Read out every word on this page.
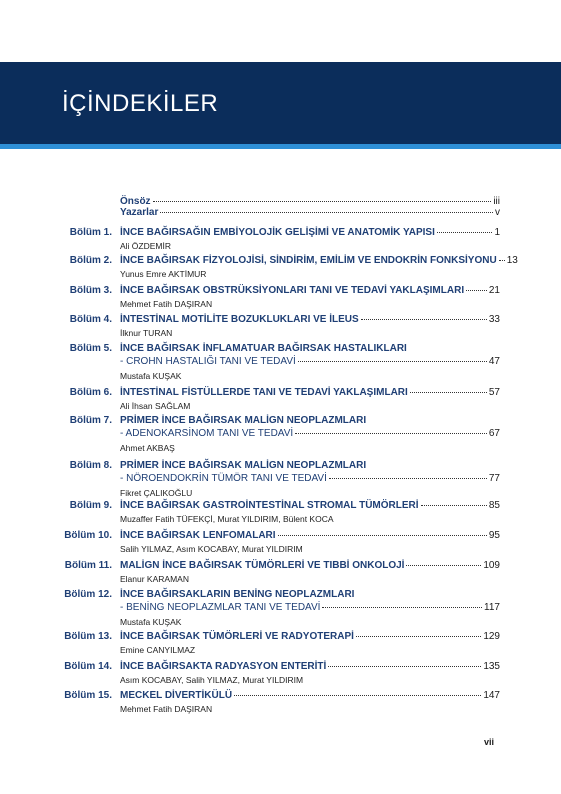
İÇİNDEKİLER
Önsöz	iii
Yazarlar	v
Bölüm 1. İNCE BAĞIRSAĞIN EMBİYOLOJİK GELİŞİMİ VE ANATOMİK YAPISI	1
Ali ÖZDEMİR
Bölüm 2. İNCE BAĞIRSAK FİZYOLOJİSİ, SİNDİRİM, EMİLİM VE ENDOKRİN FONKSİYONU 13
Yunus Emre AKTİMUR
Bölüm 3. İNCE BAĞIRSAK OBSTRÜKSİYONLARI TANI VE TEDAVİ YAKLAŞIMLARI 21
Mehmet Fatih DAŞIRAN
Bölüm 4. İNTESTİNAL MOTİLİTE BOZUKLUKLARI VE İLEUS	33
İlknur TURAN
Bölüm 5. İNCE BAĞIRSAK İNFLAMATUAR BAĞIRSAK HASTALIKLARI
- CROHN HASTALIĞI TANI VE TEDAVİ	47
Mustafa KUŞAK
Bölüm 6. İNTESTİNAL FİSTÜLLERDE TANI VE TEDAVİ YAKLAŞIMLARI	57
Ali İhsan SAĞLAM
Bölüm 7. PRİMER İNCE BAĞIRSAK MALİGN NEOPLAZMLARI
- ADENOKARSİNOM TANI VE TEDAVİ	67
Ahmet AKBAŞ
Bölüm 8. PRİMER İNCE BAĞIRSAK MALİGN NEOPLAZMLARI
- NÖROENDOKRİN TÜMÖR TANI VE TEDAVİ	77
Fikret ÇALIKOĞLU
Bölüm 9. İNCE BAĞIRSAK GASTROİNTESTİNAL STROMAL TÜMÖRLERİ	85
Muzaffer Fatih TÜFEKÇİ, Murat YILDIRIM, Bülent KOCA
Bölüm 10. İNCE BAĞIRSAK LENFOMALARI	95
Salih YILMAZ, Asım KOCABAY, Murat YILDIRIM
Bölüm 11. MALİGN İNCE BAĞIRSAK TÜMÖRLERİ VE TIBBİ ONKOLOJİ	109
Elanur KARAMAN
Bölüm 12. İNCE BAĞIRSAKLARIN BENİNG NEOPLAZMLARI
- BENİNG NEOPLAZMLAR TANI VE TEDAVİ	117
Mustafa KUŞAK
Bölüm 13. İNCE BAĞIRSAK TÜMÖRLERİ VE RADYOTERAPİ	129
Emine CANYILMAZ
Bölüm 14. İNCE BAĞIRSAKTA RADYASYON ENTERİTİ	135
Asım KOCABAY, Salih YILMAZ, Murat YILDIRIM
Bölüm 15. MECKEL DİVERTİKÜLÜ	147
Mehmet Fatih DAŞIRAN
vii
